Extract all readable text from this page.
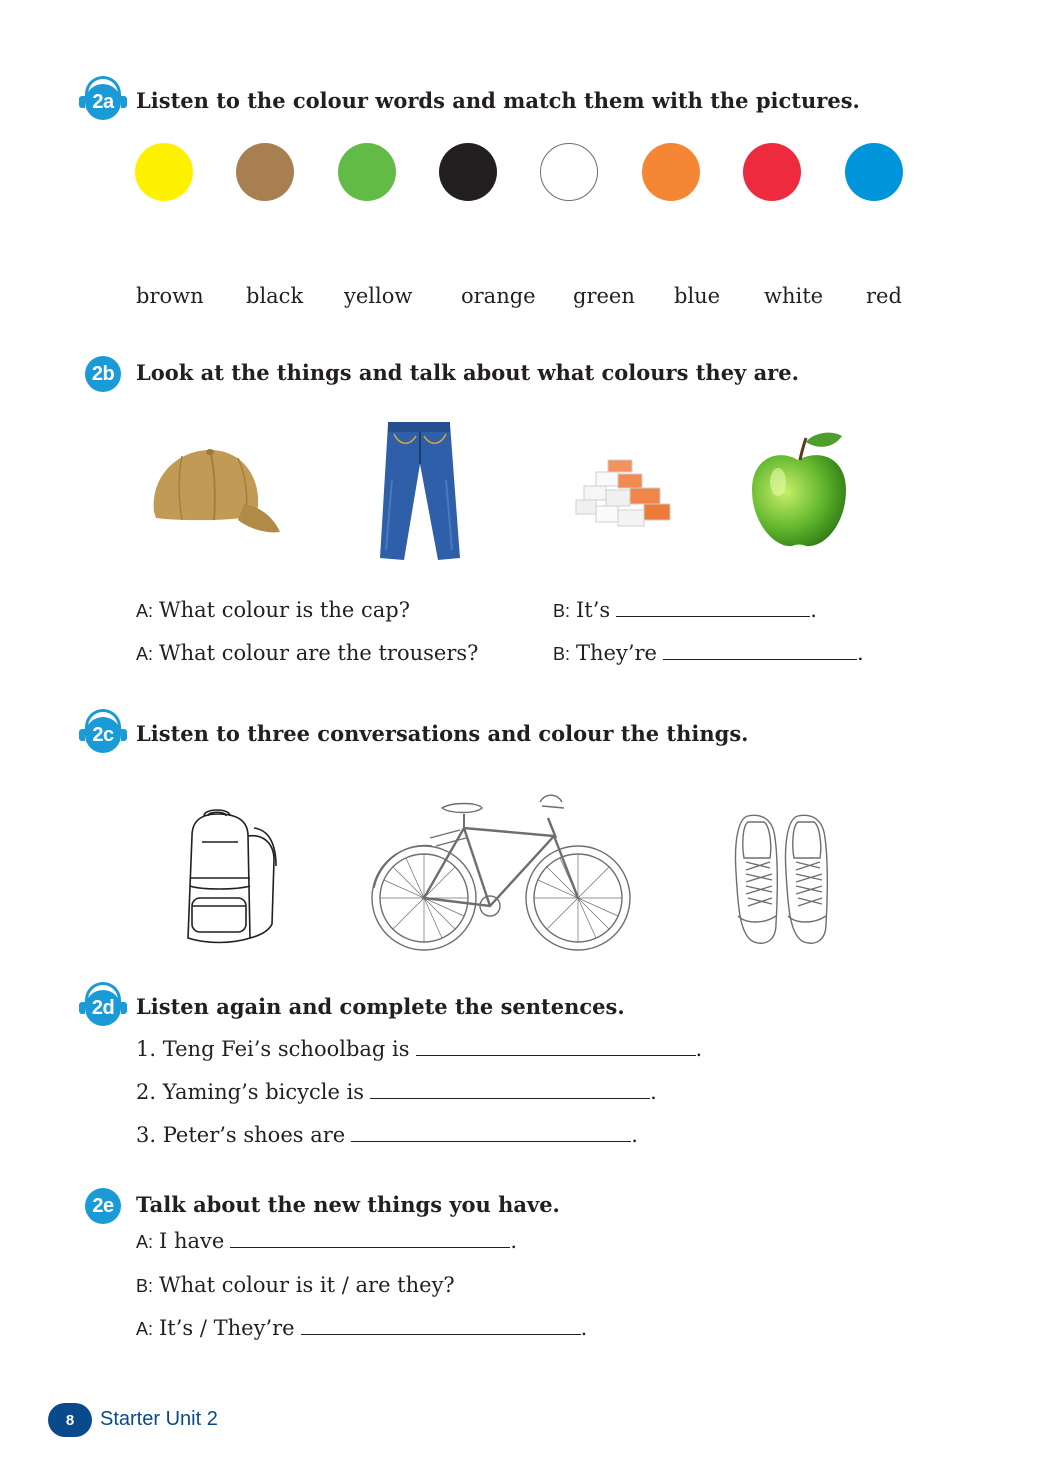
2a Listen to the colour words and match them with the pictures.
brown black yellow orange green blue white red
2b	Look at the things and talk about what colours they are.
A: What colour is the cap?	B: It’s	.
A: What colour are the trousers?	B: They’re	.
2c Listen to three conversations and colour the things.
2d Listen again and complete the sentences.
1. Teng Fei’s schoolbag is	.
2. Yaming’s bicycle is	.
3. Peter’s shoes are	.
2e	Talk about the new things you have.
A: I have	.
B: What colour is it / are they?
A: It’s / They’re	.
8	Starter Unit 2
